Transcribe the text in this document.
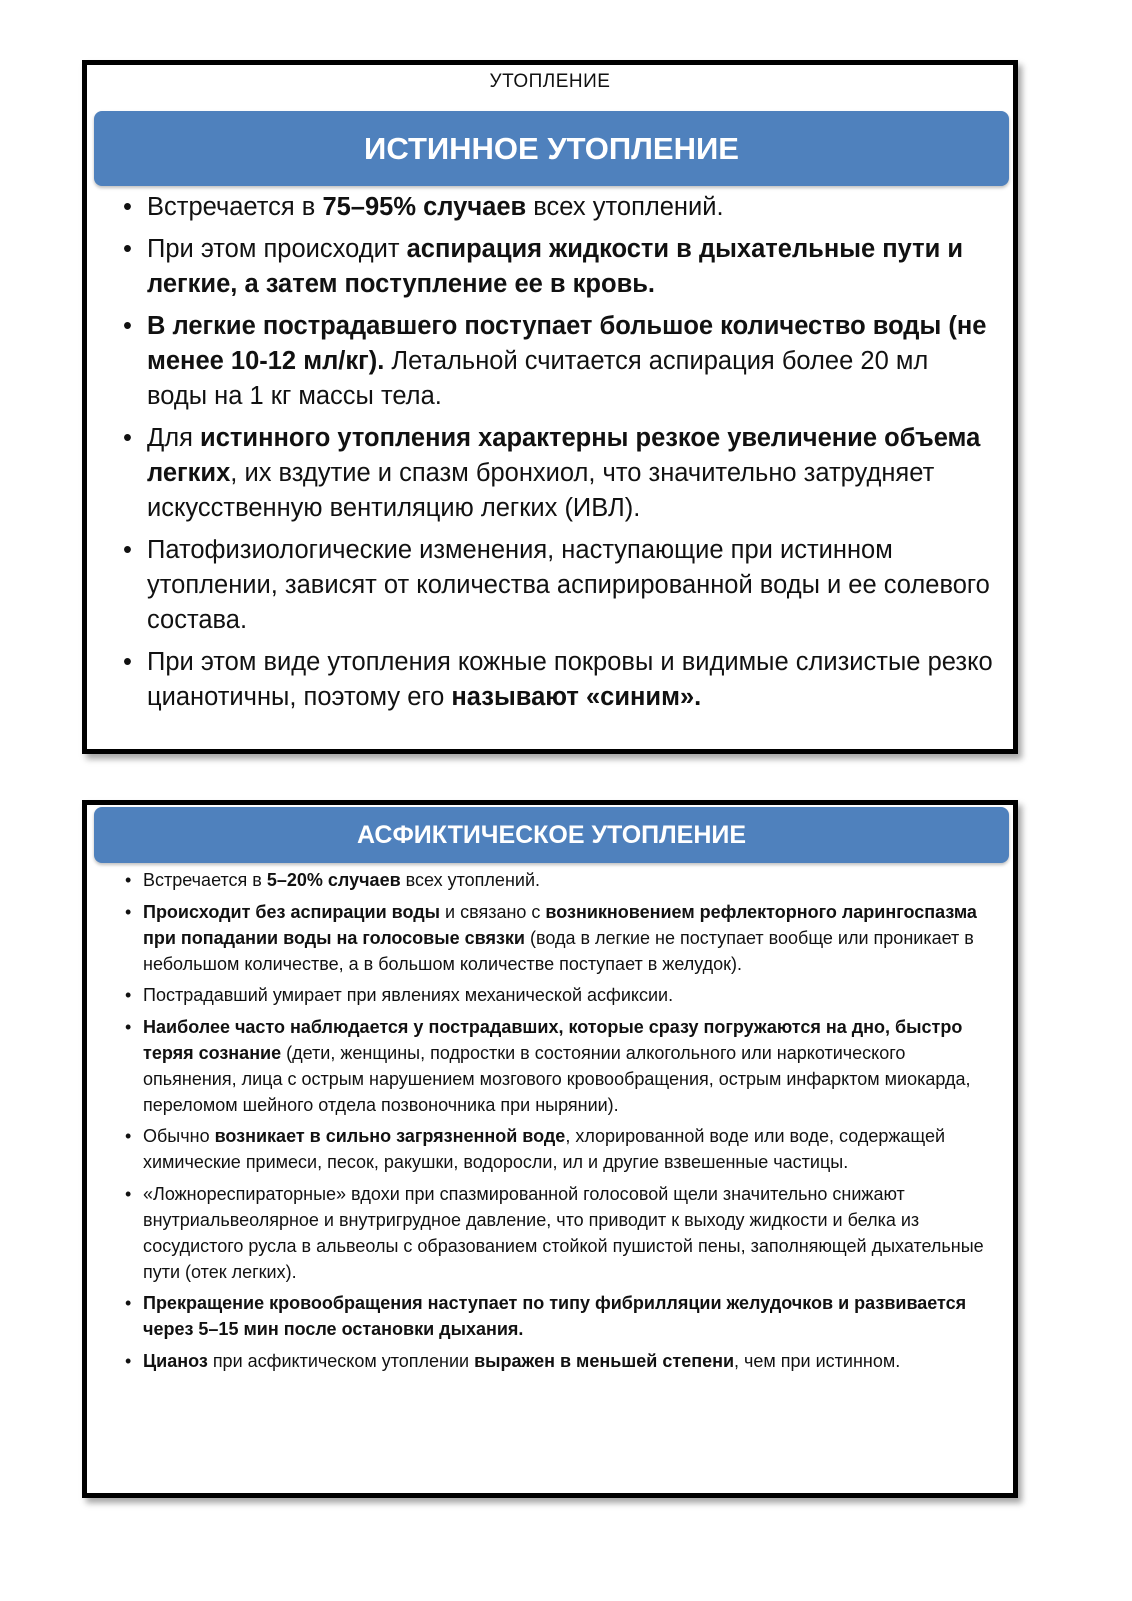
УТОПЛЕНИЕ
ИСТИННОЕ УТОПЛЕНИЕ
• Встречается в 75–95% случаев всех утоплений.
• При этом происходит аспирация жидкости в дыхательные пути и легкие, а затем поступление ее в кровь.
• В легкие пострадавшего поступает большое количество воды (не менее 10-12 мл/кг). Летальной считается аспирация более 20 мл воды на 1 кг массы тела.
• Для истинного утопления характерны резкое увеличение объема легких, их вздутие и спазм бронхиол, что значительно затрудняет искусственную вентиляцию легких (ИВЛ).
• Патофизиологические изменения, наступающие при истинном утоплении, зависят от количества аспирированной воды и ее солевого состава.
• При этом виде утопления кожные покровы и видимые слизистые резко цианотичны, поэтому его называют «синим».
АСФИКТИЧЕСКОЕ УТОПЛЕНИЕ
• Встречается в 5–20% случаев всех утоплений.
• Происходит без аспирации воды и связано с возникновением рефлекторного ларингоспазма при попадании воды на голосовые связки (вода в легкие не поступает вообще или проникает в небольшом количестве, а в большом количестве поступает в желудок).
• Пострадавший умирает при явлениях механической асфиксии.
• Наиболее часто наблюдается у пострадавших, которые сразу погружаются на дно, быстро теряя сознание (дети, женщины, подростки в состоянии алкогольного или наркотического опьянения, лица с острым нарушением мозгового кровообращения, острым инфарктом миокарда, переломом шейного отдела позвоночника при нырянии).
• Обычно возникает в сильно загрязненной воде, хлорированной воде или воде, содержащей химические примеси, песок, ракушки, водоросли, ил и другие взвешенные частицы.
• «Ложнореспираторные» вдохи при спазмированной голосовой щели значительно снижают внутриальвеолярное и внутригрудное давление, что приводит к выходу жидкости и белка из сосудистого русла в альвеолы с образованием стойкой пушистой пены, заполняющей дыхательные пути (отек легких).
• Прекращение кровообращения наступает по типу фибрилляции желудочков и развивается через 5–15 мин после остановки дыхания.
• Цианоз при асфиктическом утоплении выражен в меньшей степени, чем при истинном.
